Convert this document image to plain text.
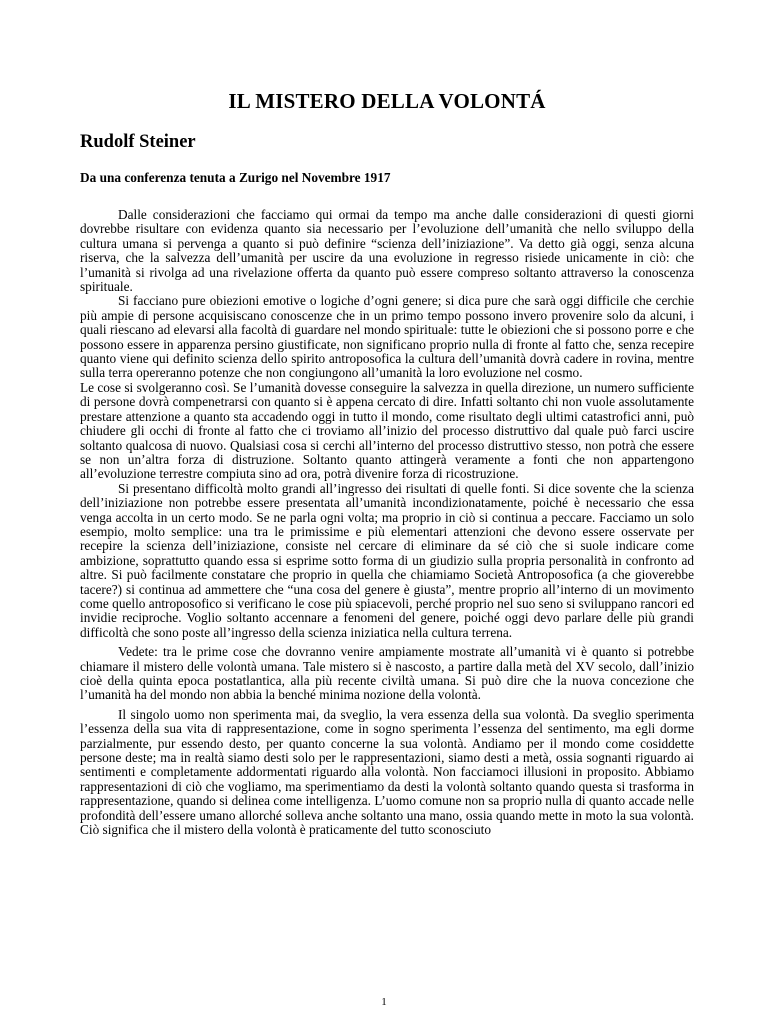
IL MISTERO DELLA VOLONTÁ
Rudolf Steiner
Da una conferenza tenuta a Zurigo nel Novembre 1917

Dalle considerazioni che facciamo qui ormai da tempo ma anche dalle considerazioni di questi giorni dovrebbe risultare con evidenza quanto sia necessario per l’evoluzione dell’umanità che nello sviluppo della cultura umana si pervenga a quanto si può definire “scienza dell’iniziazione”. Va detto già oggi, senza alcuna riserva, che la salvezza dell’umanità per uscire da una evoluzione in regresso risiede unicamente in ciò: che l’umanità si rivolga ad una rivelazione offerta da quanto può essere compreso soltanto attraverso la conoscenza spirituale.

Si facciano pure obiezioni emotive o logiche d’ogni genere; si dica pure che sarà oggi difficile che cerchie più ampie di persone acquisiscano conoscenze che in un primo tempo possono invero provenire solo da alcuni, i quali riescano ad elevarsi alla facoltà di guardare nel mondo spirituale: tutte le obiezioni che si possono porre e che possono essere in apparenza persino giustificate, non significano proprio nulla di fronte al fatto che, senza recepire quanto viene qui definito scienza dello spirito antroposofica la cultura dell’umanità dovrà cadere in rovina, mentre sulla terra opereranno potenze che non congiungono all’umanità la loro evoluzione nel cosmo.

Le cose si svolgeranno così. Se l’umanità dovesse conseguire la salvezza in quella direzione, un numero sufficiente di persone dovrà compenetrarsi con quanto si è appena cercato di dire. Infatti soltanto chi non vuole assolutamente prestare attenzione a quanto sta accadendo oggi in tutto il mondo, come risultato degli ultimi catastrofici anni, può chiudere gli occhi di fronte al fatto che ci troviamo all’inizio del processo distruttivo dal quale può farci uscire soltanto qualcosa di nuovo. Qualsiasi cosa si cerchi all’interno del processo distruttivo stesso, non potrà che essere se non un’altra forza di distruzione. Soltanto quanto attingerà veramente a fonti che non appartengono all’evoluzione terrestre compiuta sino ad ora, potrà divenire forza di ricostruzione.

Si presentano difficoltà molto grandi all’ingresso dei risultati di quelle fonti. Si dice sovente che la scienza dell’iniziazione non potrebbe essere presentata all’umanità incondizionatamente, poiché è necessario che essa venga accolta in un certo modo. Se ne parla ogni volta; ma proprio in ciò si continua a peccare. Facciamo un solo esempio, molto semplice: una tra le primissime e più elementari attenzioni che devono essere osservate per recepire la scienza dell’iniziazione, consiste nel cercare di eliminare da sé ciò che si suole indicare come ambizione, soprattutto quando essa si esprime sotto forma di un giudizio sulla propria personalità in confronto ad altre. Si può facilmente constatare che proprio in quella che chiamiamo Società Antroposofica (a che gioverebbe tacere?) si continua ad ammettere che “una cosa del genere è giusta”, mentre proprio all’interno di un movimento come quello antroposofico si verificano le cose più spiacevoli, perché proprio nel suo seno si sviluppano rancori ed invidie reciproche. Voglio soltanto accennare a fenomeni del genere, poiché oggi devo parlare delle più grandi difficoltà che sono poste all’ingresso della scienza iniziatica nella cultura terrena.

Vedete: tra le prime cose che dovranno venire ampiamente mostrate all’umanità vi è quanto si potrebbe chiamare il mistero delle volontà umana. Tale mistero si è nascosto, a partire dalla metà del XV secolo, dall’inizio cioè della quinta epoca postatlantica, alla più recente civiltà umana. Si può dire che la nuova concezione che l’umanità ha del mondo non abbia la benché minima nozione della volontà.

Il singolo uomo non sperimenta mai, da sveglio, la vera essenza della sua volontà. Da sveglio sperimenta l’essenza della sua vita di rappresentazione, come in sogno sperimenta l’essenza del sentimento, ma egli dorme parzialmente, pur essendo desto, per quanto concerne la sua volontà. Andiamo per il mondo come cosiddette persone deste; ma in realtà siamo desti solo per le rappresentazioni, siamo desti a metà, ossia sognanti riguardo ai sentimenti e completamente addormentati riguardo alla volontà. Non facciamoci illusioni in proposito. Abbiamo rappresentazioni di ciò che vogliamo, ma sperimentiamo da desti la volontà soltanto quando questa si trasforma in rappresentazione, quando si delinea come intelligenza. L’uomo comune non sa proprio nulla di quanto accade nelle profondità dell’essere umano allorché solleva anche soltanto una mano, ossia quando mette in moto la sua volontà. Ciò significa che il mistero della volontà è praticamente del tutto sconosciuto

1
